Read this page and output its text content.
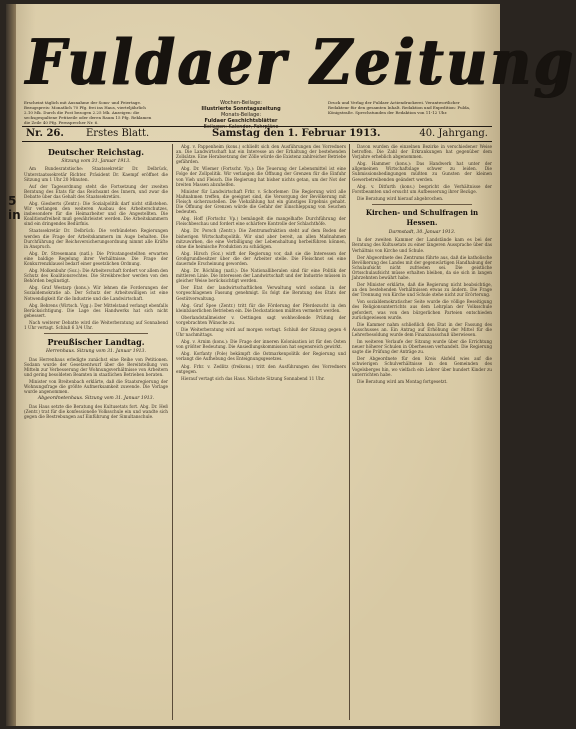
5 in
Fuldaer Zeitung
Erscheint täglich mit Ausnahme der Sonn- und Feiertage. Bezugspreis: Monatlich 70 Pfg. frei ins Haus, vierteljährlich 2.10 Mk. Durch die Post bezogen 2.25 Mk. Anzeigen: die sechsgespaltene Petitzeile oder deren Raum 15 Pfg. Reklamen die Zeile 40 Pfg. Fernsprecher Nr. 6.
Wochen-Beilage:
Illustrierte Sonntagszeitung
Monats-Beilage:
Fuldaer Geschichtsblätter
Beilagen: Kalender, Fahrpläne
Druck und Verlag der Fuldaer Actiendruckerei. Verantwortlicher Redakteur für den gesamten Inhalt. Redaktion und Expedition: Fulda, Königstraße. Sprechstunden der Redaktion von 11-12 Uhr.
Nr. 26. Erstes Blatt.	Samstag den 1. Februar 1913.	40. Jahrgang.
Deutscher Reichstag.
Sitzung vom 31. Januar 1913.

Am Bundesratstische: Staatssekretär Dr. Delbrück, Unterstaatssekretär Richter. Präsident Dr. Kaempf eröffnet die Sitzung um 1 Uhr 20 Minuten.

Auf der Tagesordnung steht die Fortsetzung der zweiten Beratung des Etats für das Reichsamt des Innern, und zwar die Debatte über das Gehalt des Staatssekretärs.

Abg. Giesberts (Zentr.): Die Sozialpolitik darf nicht stillstehen. Wir verlangen den weiteren Ausbau des Arbeiterschutzes, insbesondere für die Heimarbeiter und die Angestellten. Die Koalitionsfreiheit muß gewährleistet werden. Die Arbeitskammern sind ein dringendes Bedürfnis.

Staatssekretär Dr. Delbrück: Die verbündeten Regierungen werden die Frage der Arbeitskammern im Auge behalten. Die Durchführung der Reichsversicherungsordnung nimmt alle Kräfte in Anspruch.

Abg. Dr. Stresemann (natl.): Die Privatangestellten erwarten eine baldige Regelung ihrer Verhältnisse. Die Frage der Konkurrenzklausel bedarf einer gesetzlichen Ordnung.

Abg. Molkenbuhr (Soz.): Die Arbeiterschaft fordert vor allem den Schutz des Koalitionsrechtes. Die Streikbrecher werden von den Behörden begünstigt.

Abg. Graf Westarp (kons.): Wir lehnen die Forderungen der Sozialdemokratie ab. Der Schutz der Arbeitswilligen ist eine Notwendigkeit für die Industrie und die Landwirtschaft.

Abg. Behrens (Wirtsch. Vgg.): Der Mittelstand verlangt ebenfalls Berücksichtigung. Die Lage des Handwerks hat sich nicht gebessert.

Nach weiterer Debatte wird die Weiterberatung auf Sonnabend 1 Uhr vertagt. Schluß 6 3/4 Uhr.

Preußischer Landtag.
Herrenhaus. Sitzung vom 31. Januar 1913.

Das Herrenhaus erledigte zunächst eine Reihe von Petitionen. Sodann wurde der Gesetzentwurf über die Bereitstellung von Mitteln zur Verbesserung der Wohnungsverhältnisse von Arbeitern und gering besoldeten Beamten in staatlichen Betrieben beraten.

Minister von Breitenbach erklärte, daß die Staatsregierung der Wohnungsfrage die größte Aufmerksamkeit zuwende. Die Vorlage wurde angenommen.

Abgeordnetenhaus. Sitzung vom 31. Januar 1913.

Das Haus setzte die Beratung des Kultusetats fort. Abg. Dr. Heß (Zentr.) trat für die konfessionelle Volksschule ein und wandte sich gegen die Bestrebungen auf Einführung der Simultanschule.

Abg. v. Pappenheim (kons.) schließt sich den Ausführungen des Vorredners an. Die Landwirtschaft hat ein Interesse an der Erhaltung der bestehenden Zollsätze. Eine Herabsetzung der Zölle würde die Existenz zahlreicher Betriebe gefährden.

Abg. Dr. Wiemer (Fortschr. Vp.): Die Teuerung der Lebensmittel ist eine Folge der Zollpolitik. Wir verlangen die Öffnung der Grenzen für die Einfuhr von Vieh und Fleisch. Die Regierung hat bisher nichts getan, um der Not der breiten Massen abzuhelfen.

Minister für Landwirtschaft Frhr. v. Schorlemer: Die Regierung wird alle Maßnahmen treffen, die geeignet sind, die Versorgung der Bevölkerung mit Fleisch sicherzustellen. Die Viehzählung hat ein günstiges Ergebnis gehabt. Die Öffnung der Grenzen würde die Gefahr der Einschleppung von Seuchen bedeuten.

Abg. Hoff (Fortschr. Vp.) bemängelt die mangelhafte Durchführung der Fleischbeschau und fordert eine schärfere Kontrolle der Schlachthöfe.

Abg. Dr. Porsch (Zentr.): Die Zentrumsfraktion steht auf dem Boden der bisherigen Wirtschaftspolitik. Wir sind aber bereit, an allen Maßnahmen mitzuwirken, die eine Verbilligung der Lebenshaltung herbeiführen können, ohne die heimische Produktion zu schädigen.

Abg. Hirsch (Soz.) wirft der Regierung vor, daß sie die Interessen der Großgrundbesitzer über die der Arbeiter stelle. Die Fleischnot sei eine dauernde Erscheinung geworden.

Abg. Dr. Röchling (natl.): Die Nationalliberalen sind für eine Politik der mittleren Linie. Die Interessen der Landwirtschaft und der Industrie müssen in gleicher Weise berücksichtigt werden.

Der Etat der landwirtschaftlichen Verwaltung wird sodann in der vorgeschlagenen Fassung genehmigt. Es folgt die Beratung des Etats der Gestütverwaltung.

Abg. Graf Spee (Zentr.) tritt für die Förderung der Pferdezucht in den kleinbäuerlichen Betrieben ein. Die Deckstationen müßten vermehrt werden.

Oberlandstallmeister v. Oettingen sagt wohlwollende Prüfung der vorgebrachten Wünsche zu.

Die Weiterberatung wird auf morgen vertagt. Schluß der Sitzung gegen 4 Uhr nachmittags.

Abg. v. Arnim (kons.): Die Frage der inneren Kolonisation ist für den Osten von größter Bedeutung. Die Ansiedlungskommission hat segensreich gewirkt.

Abg. Korfanty (Pole) bekämpft die Ostmarkenpolitik der Regierung und verlangt die Aufhebung des Enteignungsgesetzes.

Abg. Frhr. v. Zedlitz (freikons.) tritt den Ausführungen des Vorredners entgegen.

Hierauf vertagt sich das Haus. Nächste Sitzung Sonnabend 11 Uhr.

Davon wurden die einzelnen Bezirke in verschiedener Weise betroffen. Die Zahl der Erkrankungen hat gegenüber dem Vorjahre erheblich abgenommen.

Abg. Hammer (kons.): Das Handwerk hat unter der allgemeinen Wirtschaftslage schwer zu leiden. Die Submissionsbedingungen müßten zu Gunsten der kleinen Gewerbetreibenden geändert werden.

Abg. v. Ditfurth (kons.) bespricht die Verhältnisse der Forstbeamten und ersucht um Aufbesserung ihrer Bezüge.

Die Beratung wird hierauf abgebrochen.

Kirchen- und Schulfragen in Hessen.
Darmstadt, 30. Januar 1913.

In der zweiten Kammer der Landstände kam es bei der Beratung des Kultusetats zu einer längeren Aussprache über das Verhältnis von Kirche und Schule.

Der Abgeordnete des Zentrums führte aus, daß die katholische Bevölkerung des Landes mit der gegenwärtigen Handhabung der Schulaufsicht nicht zufrieden sei. Die geistliche Ortsschulaufsicht müsse erhalten bleiben, da sie sich in langen Jahrzehnten bewährt habe.

Der Minister erklärte, daß die Regierung nicht beabsichtige, an den bestehenden Verhältnissen etwas zu ändern. Die Frage der Trennung von Kirche und Schule stehe nicht zur Erörterung.

Von sozialdemokratischer Seite wurde die völlige Beseitigung des Religionsunterrichts aus dem Lehrplan der Volksschule gefordert, was von den bürgerlichen Parteien entschieden zurückgewiesen wurde.

Die Kammer nahm schließlich den Etat in der Fassung des Ausschusses an. Ein Antrag auf Erhöhung der Mittel für die Lehrerbesoldung wurde dem Finanzausschuß überwiesen.

Im weiteren Verlaufe der Sitzung wurde über die Errichtung neuer höherer Schulen in Oberhessen verhandelt. Die Regierung sagte die Prüfung der Anträge zu.

Der Abgeordnete für den Kreis Alsfeld wies auf die schwierigen Schulverhältnisse in den Gemeinden des Vogelsberges hin, wo vielfach ein Lehrer über hundert Kinder zu unterrichten habe.

Die Beratung wird am Montag fortgesetzt.
